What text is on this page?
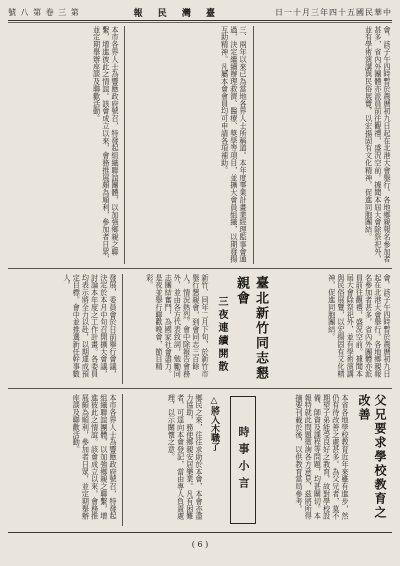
號 八 第 卷 三 第	報 民 灣 臺	日一十月三年四十五國民華中
會。該子午四時暫於農曆初九日起在北港大會舉行。各地鄉親報名參加者甚多，省內外團體亦派員前往觀禮，盛況空前。據聞本屆大會除祭祀外，並有學術演講與民俗展覽，以宏揚固有文化精神，促進同胞團結。
三、兩年以來已為當地各界人士所稱道。本年度事業計畫業經理監事會通過，決定繼續辦理救濟、醫療、獎學等項目，並擴大會員組織，以期發揚互助精神。凡屬本會會員均可申請各項補助。
本市各界人士為響應政府號召，特發起組織聯誼團體，以加強鄉親之聯繫，增進彼此之情誼。該會成立以來，會務推展頗為順利，參加者日眾，並定期舉辦座談及聯歡活動。
會。該子午四時暫於農曆初九日起在北港大會舉行。各地鄉親報名參加者甚多，省內外團體亦派員前往觀禮，盛況空前。據聞本屆大會除祭祀外，並有學術演講與民俗展覽，以宏揚固有文化精神，促進同胞團結。
臺北新竹同志懇親會
三夜連續開散
新竹、同年二月下旬，於新竹市舉行懇親會，到會同志三百餘人，情況熱烈。會中除報告會務外，並由各方代表致詞，勉勵同志團結奮鬥，為國家社會盡力。是夜並舉行聯歡晚會，節目精彩。
發展，委員會於日前舉行會議，決定於本月中旬召開擴大會議，討論本年度之工作計畫。各委員均表示將全力以赴，以期達成預定目標。會中並推選新任幹事數人。
父兄要求學校教育之改善
本省各地學校教育近年來雖有進步，然仍有待改善之處甚多。為父兄者，莫不期望子弟能受良好之教育，故對學校設備、師資及課程等問題，均甚關切。本報特就此問題徵詢各方意見，茲將所得摘要刊載於後，以供教育當局參考。
時事小言
△將入木職了
鄉民之來，往往求助於本會，本會亦盡力協助，務使鄉親安居樂業。凡有困難者，可逕向本會登記，當由專人負責處理，以示關懷之意。
本市各界人士為響應政府號召，特發起組織聯誼團體，以加強鄉親之聯繫，增進彼此之情誼。該會成立以來，會務推展頗為順利，參加者日眾，並定期舉辦座談及聯歡活動。
( 6 )
